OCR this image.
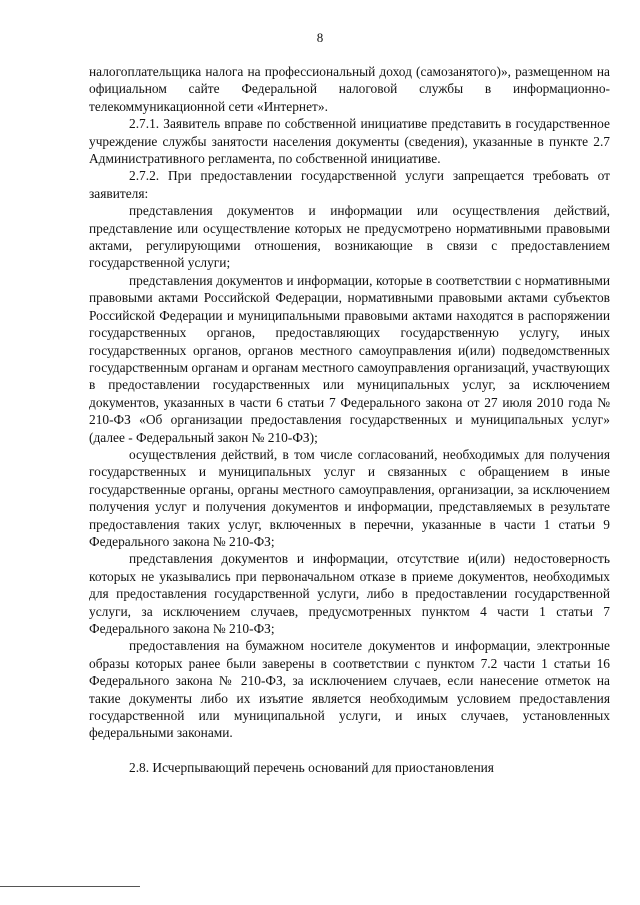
8

налогоплательщика налога на профессиональный доход (самозанятого)», размещенном на официальном сайте Федеральной налоговой службы в информационно-телекоммуникационной сети «Интернет».

2.7.1. Заявитель вправе по собственной инициативе представить в государственное учреждение службы занятости населения документы (сведения), указанные в пункте 2.7 Административного регламента, по собственной инициативе.

2.7.2. При предоставлении государственной услуги запрещается требовать от заявителя:

представления документов и информации или осуществления действий, представление или осуществление которых не предусмотрено нормативными правовыми актами, регулирующими отношения, возникающие в связи с предоставлением государственной услуги;

представления документов и информации, которые в соответствии с нормативными правовыми актами Российской Федерации, нормативными правовыми актами субъектов Российской Федерации и муниципальными правовыми актами находятся в распоряжении государственных органов, предоставляющих государственную услугу, иных государственных органов, органов местного самоуправления и(или) подведомственных государственным органам и органам местного самоуправления организаций, участвующих в предоставлении государственных или муниципальных услуг, за исключением документов, указанных в части 6 статьи 7 Федерального закона от 27 июля 2010 года № 210-ФЗ «Об организации предоставления государственных и муниципальных услуг» (далее - Федеральный закон № 210-ФЗ);

осуществления действий, в том числе согласований, необходимых для получения государственных и муниципальных услуг и связанных с обращением в иные государственные органы, органы местного самоуправления, организации, за исключением получения услуг и получения документов и информации, представляемых в результате предоставления таких услуг, включенных в перечни, указанные в части 1 статьи 9 Федерального закона № 210-ФЗ;

представления документов и информации, отсутствие и(или) недостоверность которых не указывались при первоначальном отказе в приеме документов, необходимых для предоставления государственной услуги, либо в предоставлении государственной услуги, за исключением случаев, предусмотренных пунктом 4 части 1 статьи 7 Федерального закона № 210-ФЗ;

предоставления на бумажном носителе документов и информации, электронные образы которых ранее были заверены в соответствии с пунктом 7.2 части 1 статьи 16 Федерального закона № 210-ФЗ, за исключением случаев, если нанесение отметок на такие документы либо их изъятие является необходимым условием предоставления государственной или муниципальной услуги, и иных случаев, установленных федеральными законами.

2.8. Исчерпывающий перечень оснований для приостановления
